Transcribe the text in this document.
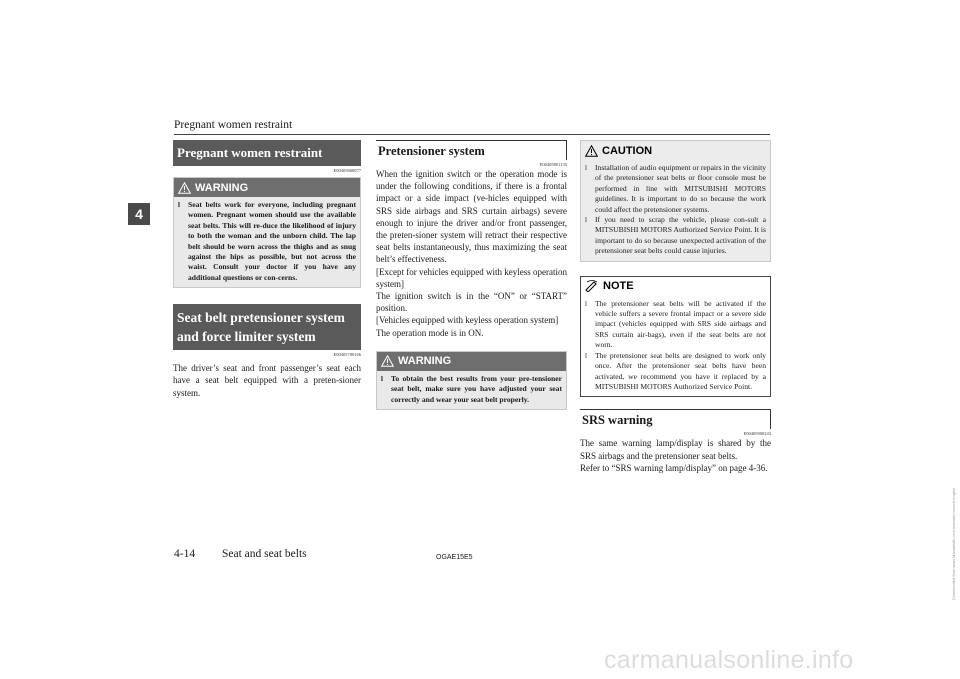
Pregnant women restraint
4
Pregnant women restraint
E00405600077
WARNING
l	Seat belts work for everyone, including pregnant women. Pregnant women should use the available seat belts. This will re-duce the likelihood of injury to both the woman and the unborn child. The lap belt should be worn across the thighs and as snug against the hips as possible, but not across the waist. Consult your doctor if you have any additional questions or con-cerns.
Seat belt pretensioner system and force limiter system
E00405700166
The driver’s seat and front passenger’s seat each have a seat belt equipped with a preten-sioner system.
Pretensioner system
E00405801135
When the ignition switch or the operation mode is under the following conditions, if there is a frontal impact or a side impact (ve-hicles equipped with SRS side airbags and SRS curtain airbags) severe enough to injure the driver and/or front passenger, the preten-sioner system will retract their respective seat belts instantaneously, thus maximizing the seat belt’s effectiveness.
[Except for vehicles equipped with keyless operation system]
The ignition switch is in the “ON” or “START” position.
[Vehicles equipped with keyless operation system]
The operation mode is in ON.
WARNING
l	To obtain the best results from your pre-tensioner seat belt, make sure you have adjusted your seat correctly and wear your seat belt properly.
CAUTION
l	Installation of audio equipment or repairs in the vicinity of the pretensioner seat belts or floor console must be performed in line with MITSUBISHI MOTORS guidelines. It is important to do so because the work could affect the pretensioner systems.
l	If you need to scrap the vehicle, please con-sult a MITSUBISHI MOTORS Authorized Service Point. It is important to do so because unexpected activation of the pretensioner seat belts could cause injuries.
NOTE
l	The pretensioner seat belts will be activated if the vehicle suffers a severe frontal impact or a severe side impact (vehicles equipped with SRS side airbags and SRS curtain air-bags), even if the seat belts are not worn.
l	The pretensioner seat belts are designed to work only once. After the pretensioner seat belts have been activated, we recommend you have it replaced by a MITSUBISHI MOTORS Authorized Service Point.
SRS warning
E00405900243
The same warning lamp/display is shared by the SRS airbags and the pretensioner seat belts.
Refer to “SRS warning lamp/display” on page 4-36.
4-14 Seat and seat belts	OGAE15E5
carmanualsonline.info
Downloaded from www.Manualslib.com manuals search engine
